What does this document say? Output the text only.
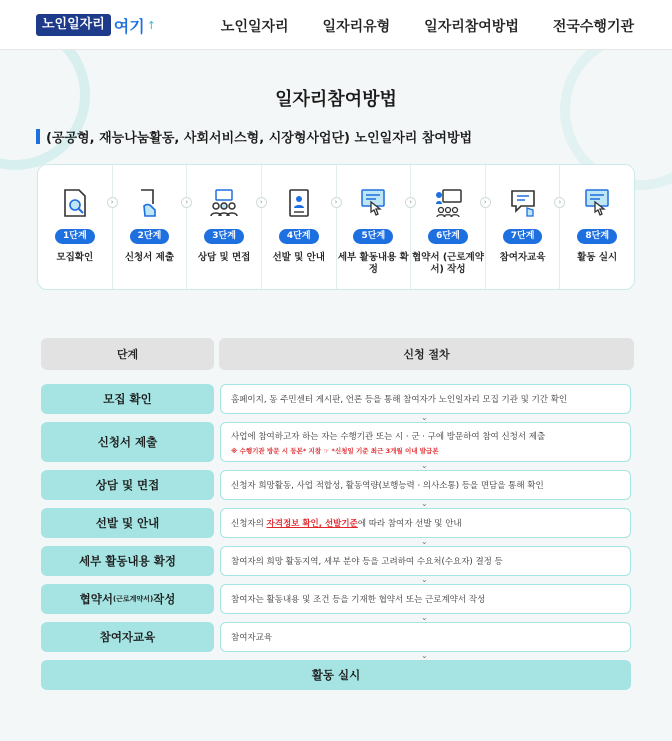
노인일자리 여기 ↑	노인일자리 일자리유형 일자리참여방법 전국수행기관
일자리참여방법
(공공형, 재능나눔활동, 사회서비스형, 시장형사업단) 노인일자리 참여방법
1단계
모집확인
›
2단계
신청서 제출
›
3단계
상담 및 면접
›
4단계
선발 및 안내
›
5단계
세부 활동내용 확정
›
6단계
협약서 (근로계약서) 작성
›
7단계
참여자교육
›
8단계
활동 실시
단계	신청 절차
모집 확인	홈페이지, 동 주민센터 게시판, 언론 등을 통해 참여자가 노인일자리 모집 기관 및 기간 확인
⌄
신청서 제출	사업에 참여하고자 하는 자는 수행기관 또는 시 · 군 · 구에 방문하여 참여 신청서 제출
※ 수행기관 방문 시 등본* 지참 ☞ *신청일 기준 최근 3개월 이내 발급본
⌄
상담 및 면접	신청자 희망활동, 사업 적합성, 활동역량(보행능력 · 의사소통) 등을 면담을 통해 확인
⌄
선발 및 안내	신청자의 자격정보 확인, 선발기준에 따라 참여자 선발 및 안내
⌄
세부 활동내용 확정	참여자의 희망 활동지역, 세부 분야 등을 고려하여 수요처(수요자) 결정 등
⌄
협약서 (근로계약서) 작성	참여자는 활동내용 및 조건 등을 기재한 협약서 또는 근로계약서 작성
⌄
참여자교육	참여자교육
⌄
활동 실시
